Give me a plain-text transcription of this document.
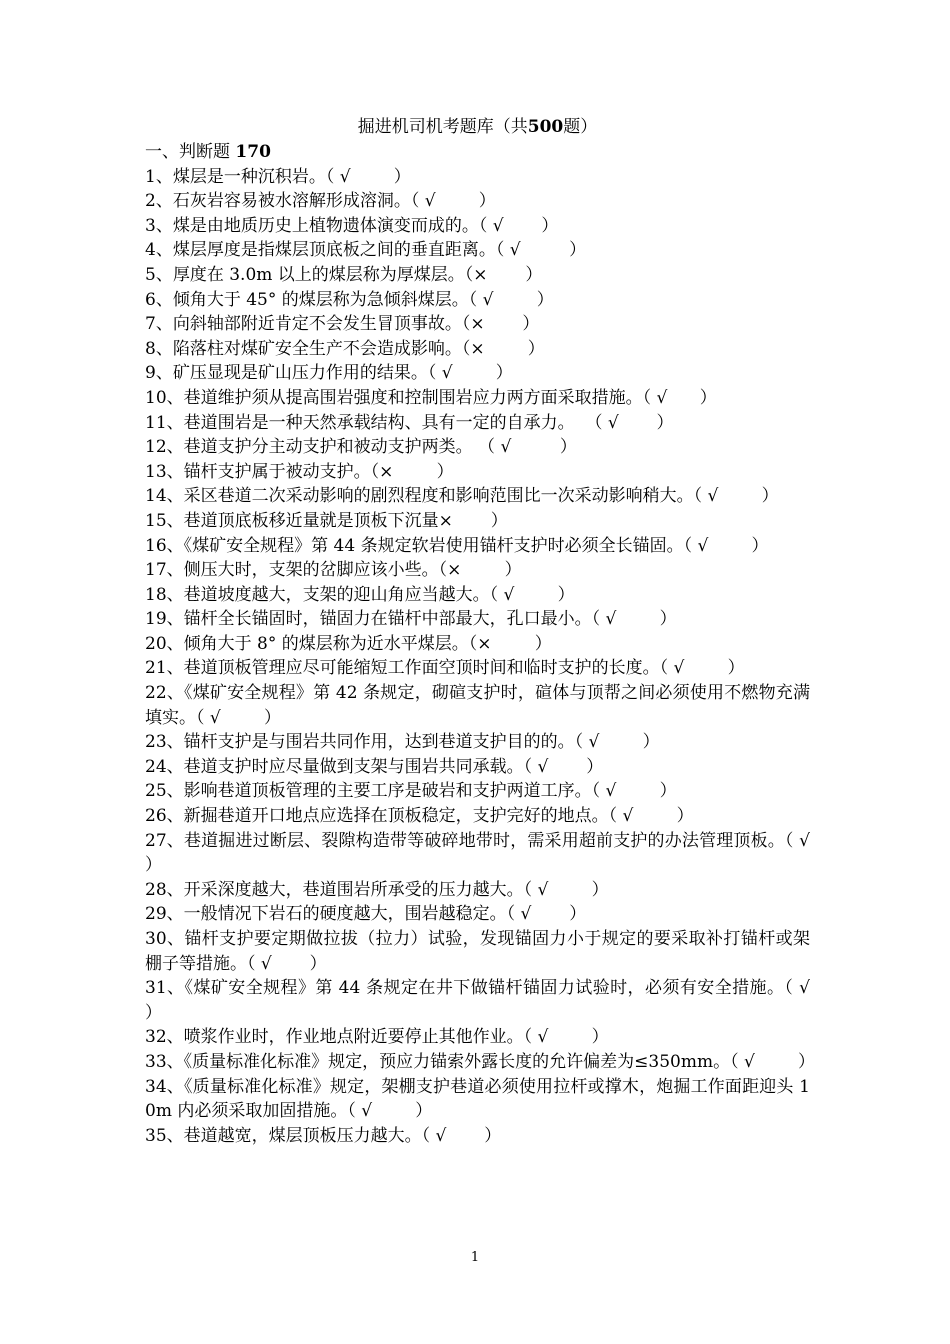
掘进机司机考题库（共500题）
一、判断题 170

1、煤层是一种沉积岩。（ √        ）

2、石灰岩容易被水溶解形成溶洞。（ √        ）

3、煤是由地质历史上植物遗体演变而成的。（ √       ）

4、煤层厚度是指煤层顶底板之间的垂直距离。（ √         ）

5、厚度在 3.0m 以上的煤层称为厚煤层。（×       ）

6、倾角大于 45° 的煤层称为急倾斜煤层。（ √        ）

7、向斜轴部附近肯定不会发生冒顶事故。（×       ）

8、陷落柱对煤矿安全生产不会造成影响。（×        ）

9、矿压显现是矿山压力作用的结果。（ √        ）

10、巷道维护须从提高围岩强度和控制围岩应力两方面采取措施。（ √      ）

11、巷道围岩是一种天然承载结构、具有一定的自承力。  （ √       ）

12、巷道支护分主动支护和被动支护两类。 （ √         ）

13、锚杆支护属于被动支护。（×        ）

14、采区巷道二次采动影响的剧烈程度和影响范围比一次采动影响稍大。（ √        ）

15、巷道顶底板移近量就是顶板下沉量×       ）

16、《煤矿安全规程》第 44 条规定软岩使用锚杆支护时必须全长锚固。（ √        ）

17、侧压大时，支架的岔脚应该小些。（×        ）

18、巷道坡度越大，支架的迎山角应当越大。（ √        ）

19、锚杆全长锚固时，锚固力在锚杆中部最大，孔口最小。（ √        ）

20、倾角大于 8° 的煤层称为近水平煤层。（×        ）

21、巷道顶板管理应尽可能缩短工作面空顶时间和临时支护的长度。（ √        ）

22、《煤矿安全规程》第 42 条规定，砌碹支护时，碹体与顶帮之间必须使用不燃物充满填实。（ √        ）

23、锚杆支护是与围岩共同作用，达到巷道支护目的的。（ √        ）

24、巷道支护时应尽量做到支架与围岩共同承载。（ √       ）

25、影响巷道顶板管理的主要工序是破岩和支护两道工序。（ √        ）

26、新掘巷道开口地点应选择在顶板稳定，支护完好的地点。（ √        ）

27、巷道掘进过断层、裂隙构造带等破碎地带时，需采用超前支护的办法管理顶板。（ √       ）

28、开采深度越大，巷道围岩所承受的压力越大。（ √        ）

29、一般情况下岩石的硬度越大，围岩越稳定。（ √       ）

30、锚杆支护要定期做拉拔（拉力）试验，发现锚固力小于规定的要采取补打锚杆或架棚子等措施。（ √       ）

31、《煤矿安全规程》第 44 条规定在井下做锚杆锚固力试验时，必须有安全措施。（ √        ）

32、喷浆作业时，作业地点附近要停止其他作业。（ √        ）

33、《质量标准化标准》规定，预应力锚索外露长度的允许偏差为≤350mm。（ √        ）

34、《质量标准化标准》规定，架棚支护巷道必须使用拉杆或撑木，炮掘工作面距迎头 10m 内必须采取加固措施。（ √        ）

35、巷道越宽，煤层顶板压力越大。（ √       ）

1
